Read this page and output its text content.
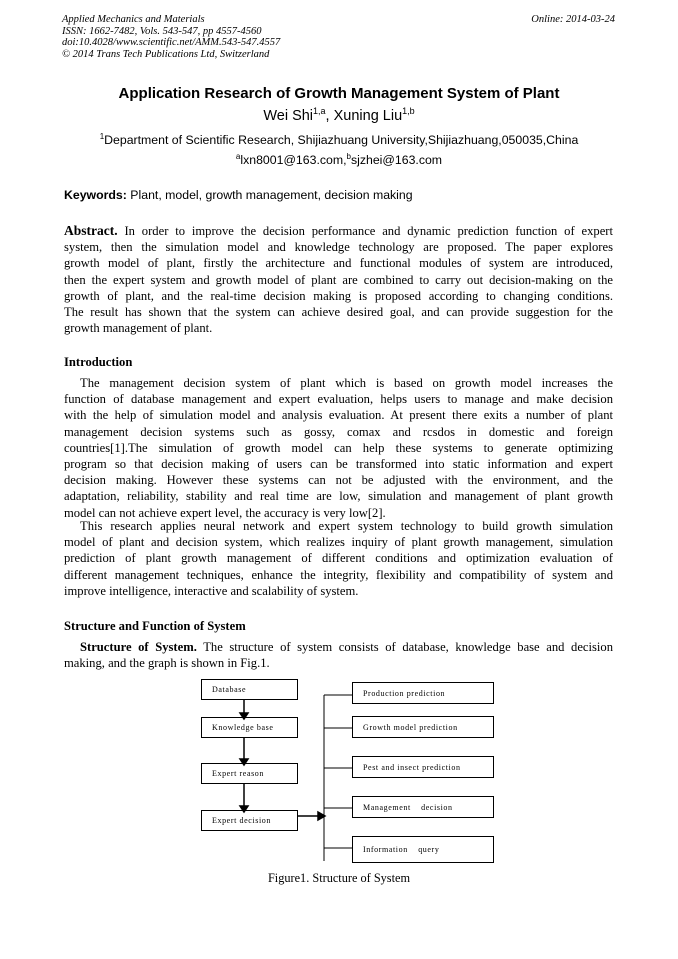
Applied Mechanics and Materials
ISSN: 1662-7482, Vols. 543-547, pp 4557-4560
doi:10.4028/www.scientific.net/AMM.543-547.4557
© 2014 Trans Tech Publications Ltd, Switzerland
Online: 2014-03-24
Application Research of Growth Management System of Plant
Wei Shi$^{1,a}$, Xuning Liu$^{1,b}$
$^1$Department of Scientific Research, Shijiazhuang University,Shijiazhuang,050035,China
$^a$lxn8001@163.com,$^b$sjzhei@163.com
Keywords: Plant, model, growth management, decision making
Abstract. In order to improve the decision performance and dynamic prediction function of expert
system, then the simulation model and knowledge technology are proposed. The paper explores
growth model of plant, firstly the architecture and functional modules of system are introduced,
then the expert system and growth model of plant are combined to carry out decision-making on the
growth of plant, and the real-time decision making is proposed according to changing conditions.
The result has shown that the system can achieve desired goal, and can provide suggestion for the
growth management of plant.
Introduction
The management decision system of plant which is based on growth model increases the
function of database management and expert evaluation, helps users to manage and make decision
with the help of simulation model and analysis evaluation. At present there exits a number of plant
management decision systems such as gossy, comax and rcsdos in domestic and foreign
countries[1].The simulation of growth model can help these systems to generate optimizing
program so that decision making of users can be transformed into static information and expert
decision making. However these systems can not be adjusted with the environment, and the
adaptation, reliability, stability and real time are low, simulation and management of plant growth
model can not achieve expert level, the accuracy is very low[2].
This research applies neural network and expert system technology to build growth simulation
model of plant and decision system, which realizes inquiry of plant growth management, simulation
prediction of plant growth management of different conditions and optimization evaluation of
different management techniques, enhance the integrity, flexibility and compatibility of system and
improve intelligence, interactive and scalability of system.
Structure and Function of System
Structure of System. The structure of system consists of database, knowledge base and decision
making, and the graph is shown in Fig.1.
Database
Knowledge base
Expert reason
Expert decision
Production prediction
Growth model prediction
Pest and insect prediction
Management    decision
Information    query
Figure1. Structure of System
